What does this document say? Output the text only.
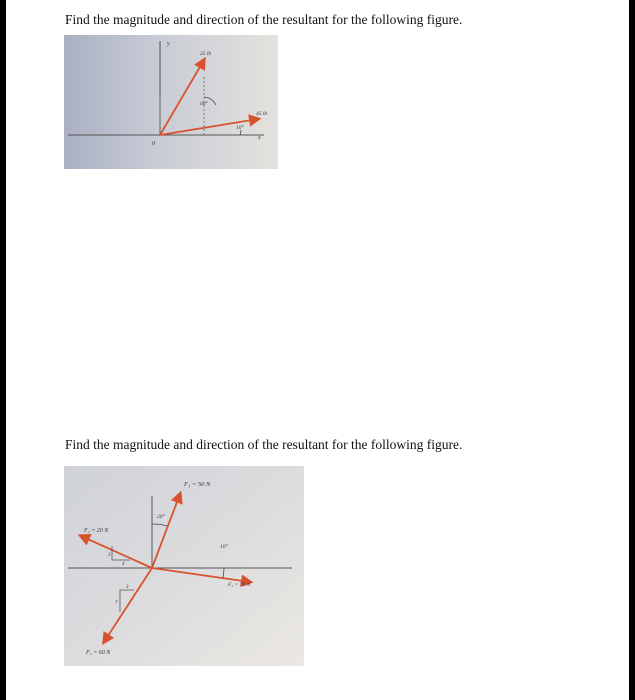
Find the magnitude and direction of the resultant for the following figure.
y
x
0
25 lb
60°
45 lb
10°
Find the magnitude and direction of the resultant for the following figure.
F₁ = 50 N
20°
F₂ = 70 N
10°
F₃ = 60 N
F₄ = 20 N
3
4
3
7
